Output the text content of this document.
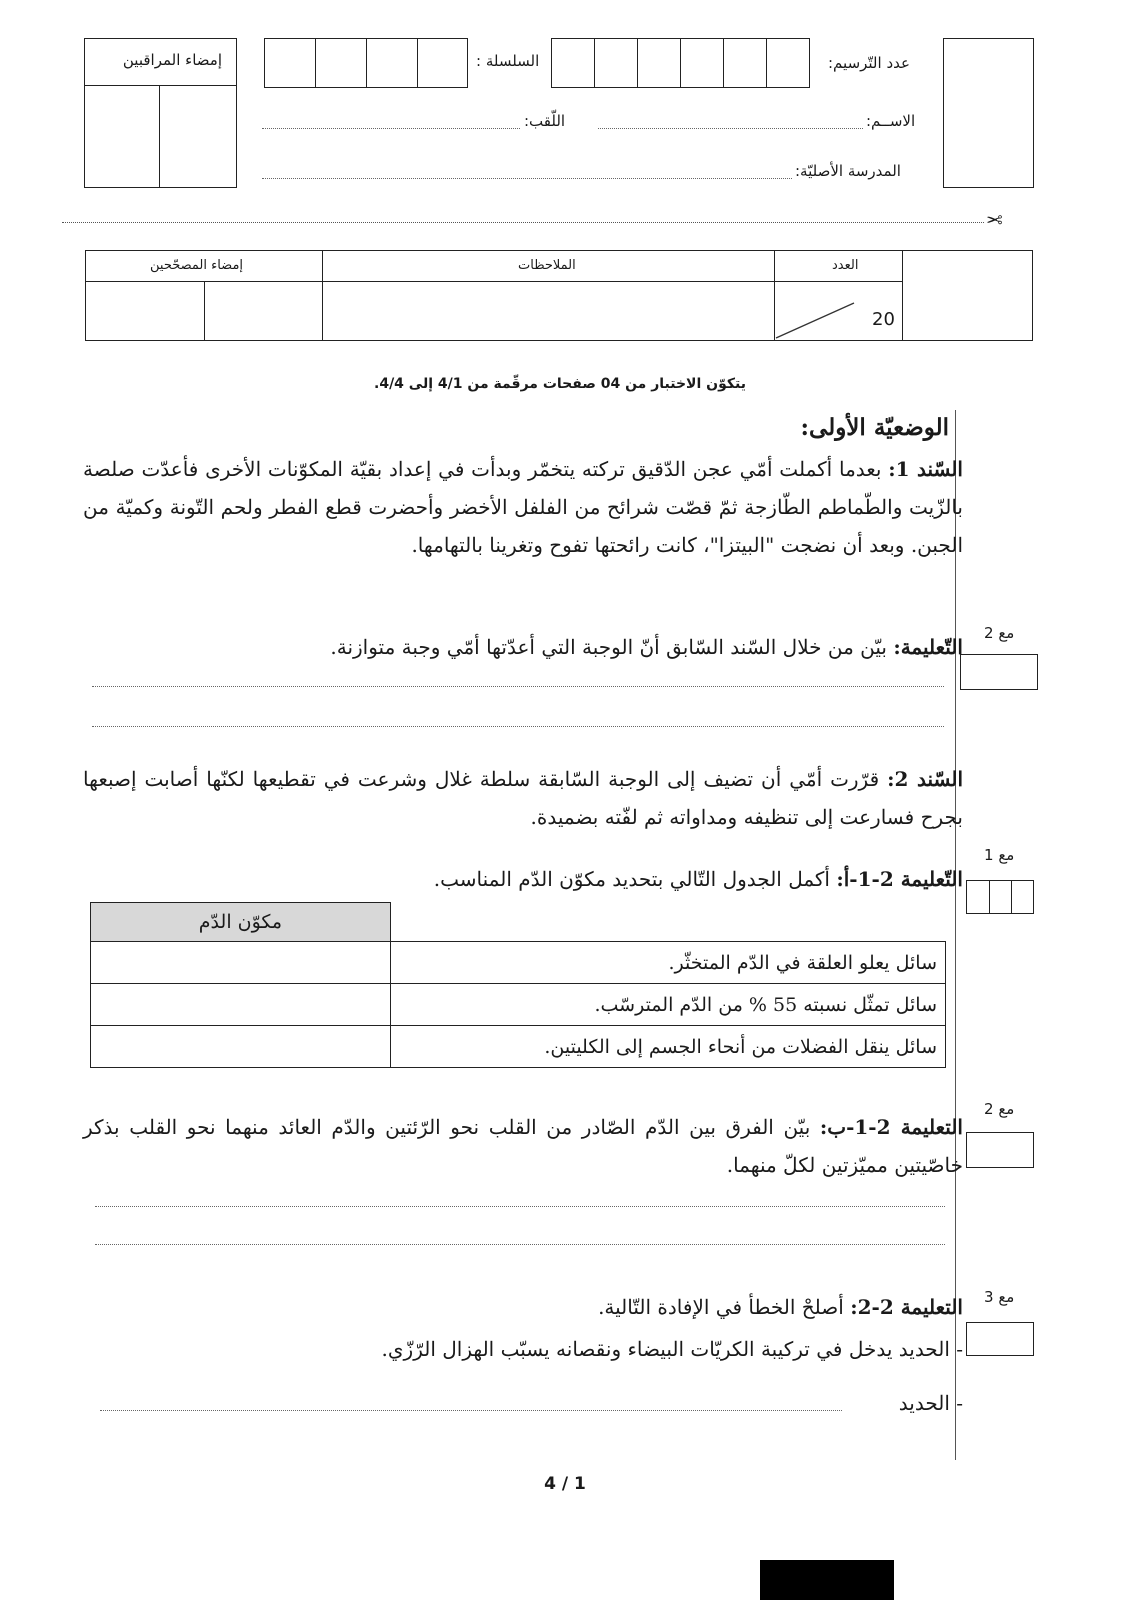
إمضاء المراقبين	السلسلة :	عدد التّرسيم:
الاســم:
اللّقب:
المدرسة الأصليّة:
✂
إمضاء المصحّحين	الملاحظات	العدد
20
يتكوّن الاختبار من 04 صفحات مرقّمة من 4/1 إلى 4/4.
الوضعيّة الأولى:
السّند 1: بعدما أكملت أمّي عجن الدّقيق تركته يتخمّر وبدأت في إعداد بقيّة المكوّنات الأخرى فأعدّت صلصة بالزّيت والطّماطم الطّازجة ثمّ قصّت شرائح من الفلفل الأخضر وأحضرت قطع الفطر ولحم التّونة وكميّة من الجبن. وبعد أن نضجت "البيتزا"، كانت رائحتها تفوح وتغرينا بالتهامها.
التّعليمة: بيّن من خلال السّند السّابق أنّ الوجبة التي أعدّتها أمّي وجبة متوازنة.
مع 2
السّند 2: قرّرت أمّي أن تضيف إلى الوجبة السّابقة سلطة غلال وشرعت في تقطيعها لكنّها أصابت إصبعها بجرح فسارعت إلى تنظيفه ومداواته ثم لفّته بضميدة.
التّعليمة 2-1-أ: أكمل الجدول التّالي بتحديد مكوّن الدّم المناسب.
مع 1
	مكوّن الدّم
سائل يعلو العلقة في الدّم المتخثّر.	
سائل تمثّل نسبته 55 % من الدّم المترسّب.	
سائل ينقل الفضلات من أنحاء الجسم إلى الكليتين.	
التعليمة 2-1-ب: بيّن الفرق بين الدّم الصّادر من القلب نحو الرّئتين والدّم العائد منهما نحو القلب بذكر خاصّيتين مميّزتين لكلّ منهما.
مع 2
التعليمة 2-2: أصلحْ الخطأ في الإفادة التّالية.	مع 3
- الحديد يدخل في تركيبة الكريّات البيضاء ونقصانه يسبّب الهزال الرّزّي.
- الحديد
4 / 1
